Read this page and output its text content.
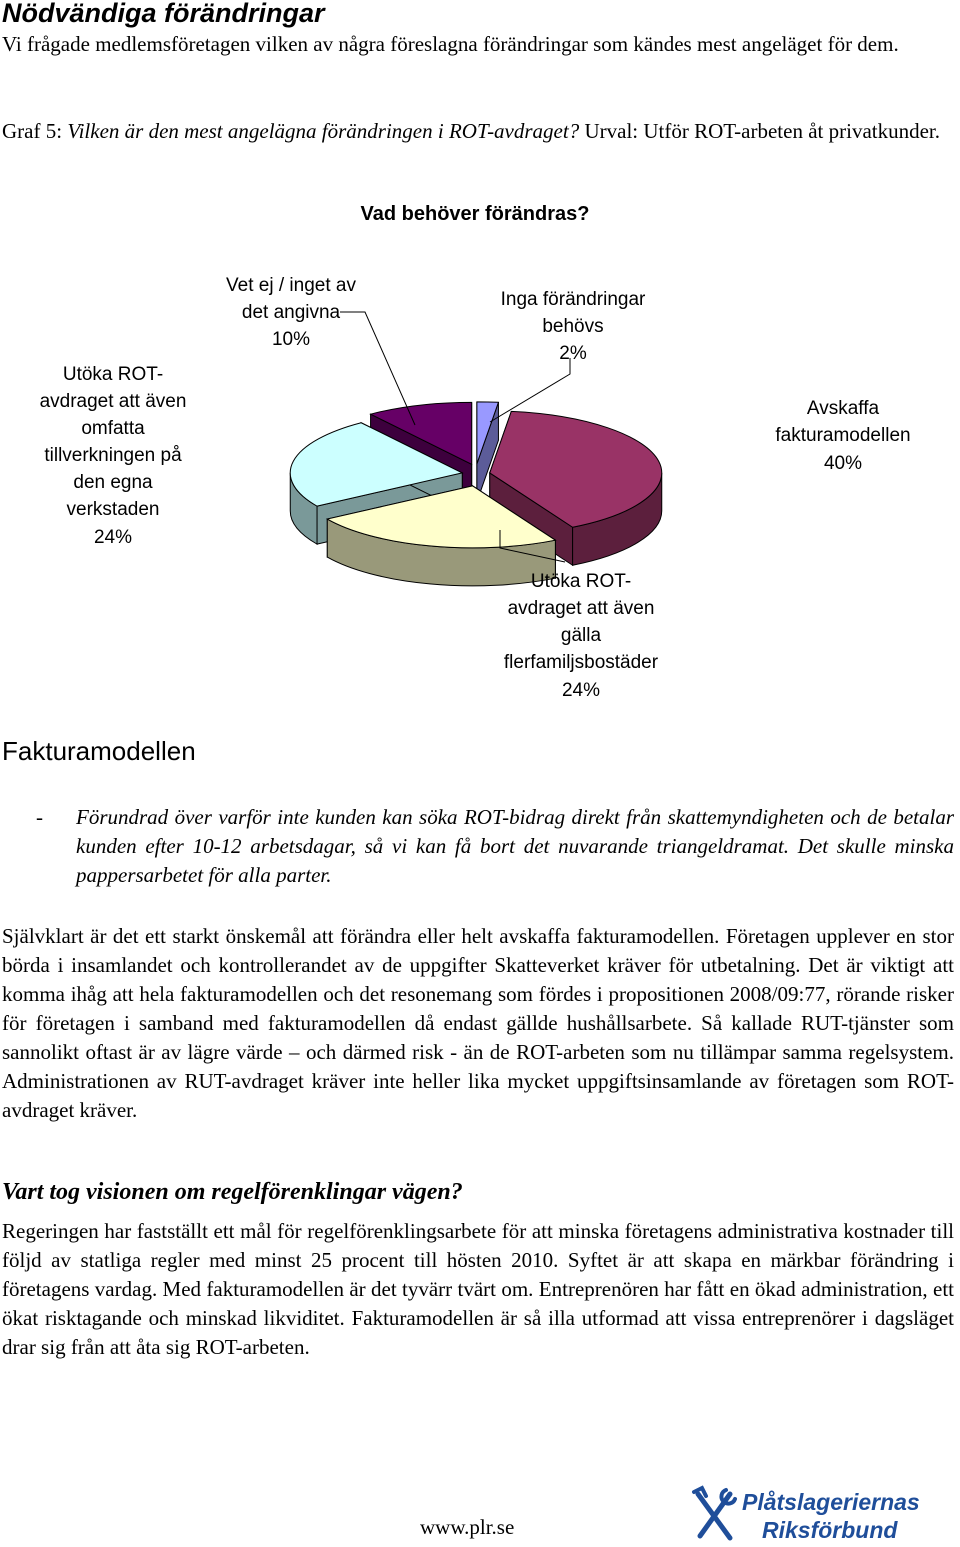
Nödvändiga förändringar

Vi frågade medlemsföretagen vilken av några föreslagna förändringar som kändes mest angeläget för dem.

Graf 5: Vilken är den mest angelägna förändringen i ROT-avdraget? Urval: Utför ROT-arbeten åt privatkunder.

Vad behöver förändras?
Vet ej / inget av
det angivna
10%
Inga förändringar
behövs
2%
Avskaffa
fakturamodellen
40%
Utöka ROT-
avdraget att även
gälla
flerfamiljsbostäder
24%
Utöka ROT-
avdraget att även
omfatta
tillverkningen på
den egna
verkstaden
24%
Fakturamodellen
- Förundrad över varför inte kunden kan söka ROT-bidrag direkt från skattemyndigheten och de betalar kunden efter 10-12 arbetsdagar, så vi kan få bort det nuvarande triangeldramat. Det skulle minska pappersarbetet för alla parter.

Självklart är det ett starkt önskemål att förändra eller helt avskaffa fakturamodellen. Företagen upplever en stor börda i insamlandet och kontrollerandet av de uppgifter Skatteverket kräver för utbetalning. Det är viktigt att komma ihåg att hela fakturamodellen och det resonemang som fördes i propositionen 2008/09:77, rörande risker för företagen i samband med fakturamodellen då endast gällde hushållsarbete. Så kallade RUT-tjänster som sannolikt oftast är av lägre värde – och därmed risk - än de ROT-arbeten som nu tillämpar samma regelsystem. Administrationen av RUT-avdraget kräver inte heller lika mycket uppgiftsinsamlande av företagen som ROT-avdraget kräver.

Vart tog visionen om regelförenklingar vägen?

Regeringen har fastställt ett mål för regelförenklingsarbete för att minska företagens administrativa kostnader till följd av statliga regler med minst 25 procent till hösten 2010. Syftet är att skapa en märkbar förändring i företagens vardag. Med fakturamodellen är det tyvärr tvärt om. Entreprenören har fått en ökad administration, ett ökat risktagande och minskad likviditet. Fakturamodellen är så illa utformad att vissa entreprenörer i dagsläget drar sig från att åta sig ROT-arbeten.

www.plr.se
Plåtslageriernas
Riksförbund
